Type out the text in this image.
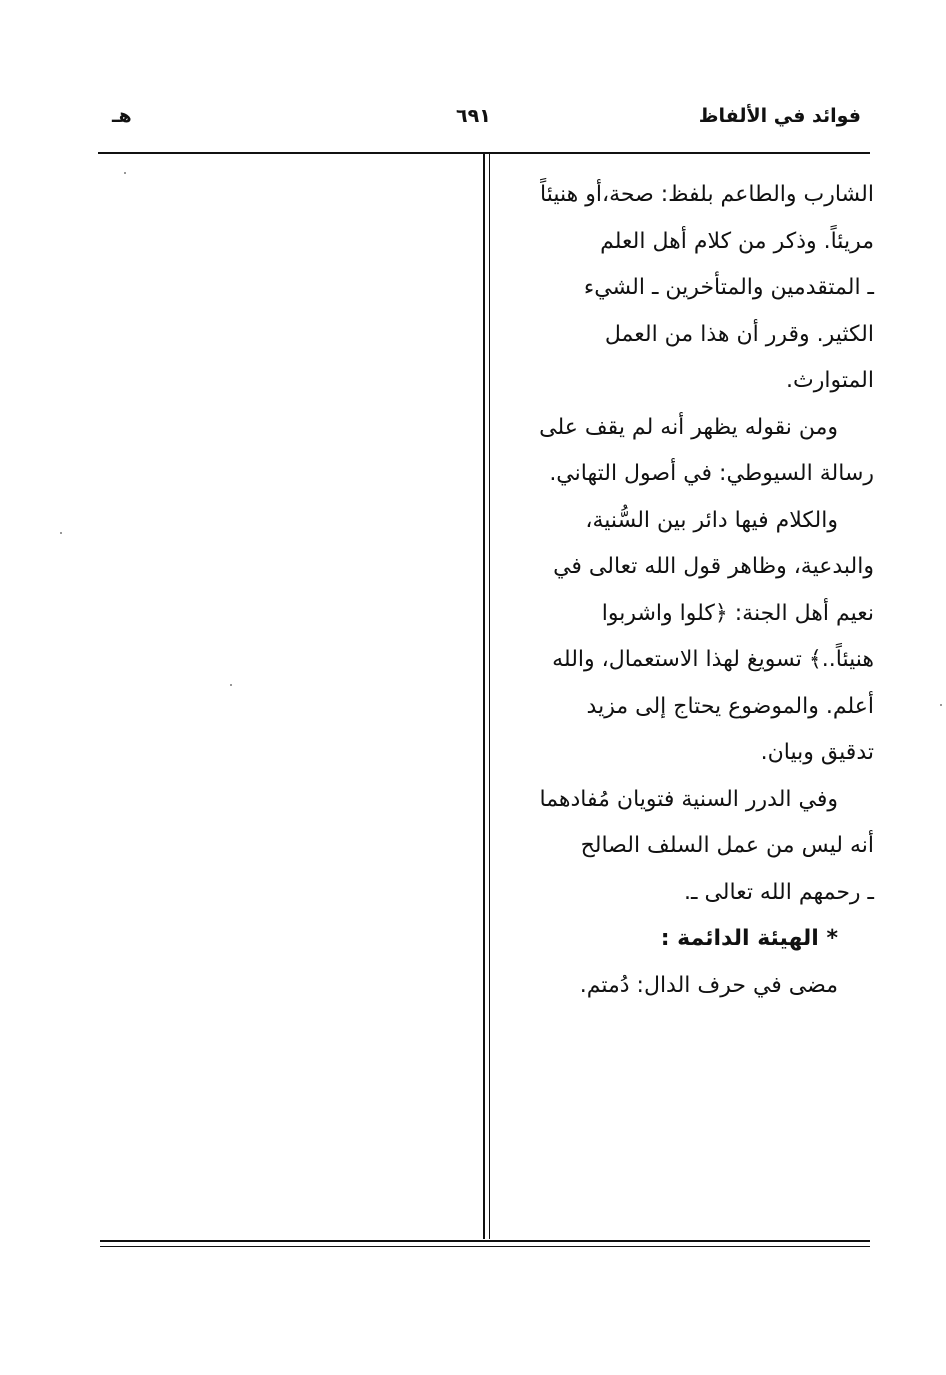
فوائد في الألفاظ
٦٩١
هـ
الشارب والطاعم بلفظ: صحة،أو هنيئاً
مريئاً. وذكر من كلام أهل العلم
ـ المتقدمين والمتأخرين ـ الشيء
الكثير. وقرر أن هذا من العمل
المتوارث.
ومن نقوله يظهر أنه لم يقف على
رسالة السيوطي: في أصول التهاني.
والكلام فيها دائر بين السُّنية،
والبدعية، وظاهر قول الله تعالى في
نعيم أهل الجنة: ﴿كلوا واشربوا
هنيئاً..﴾ تسويغ لهذا الاستعمال، والله
أعلم. والموضوع يحتاج إلى مزيد
تدقيق وبيان.
وفي الدرر السنية فتويان مُفادهما
أنه ليس من عمل السلف الصالح
ـ رحمهم الله تعالى ـ.
* الهيئة الدائمة :
مضى في حرف الدال: دُمتم.
